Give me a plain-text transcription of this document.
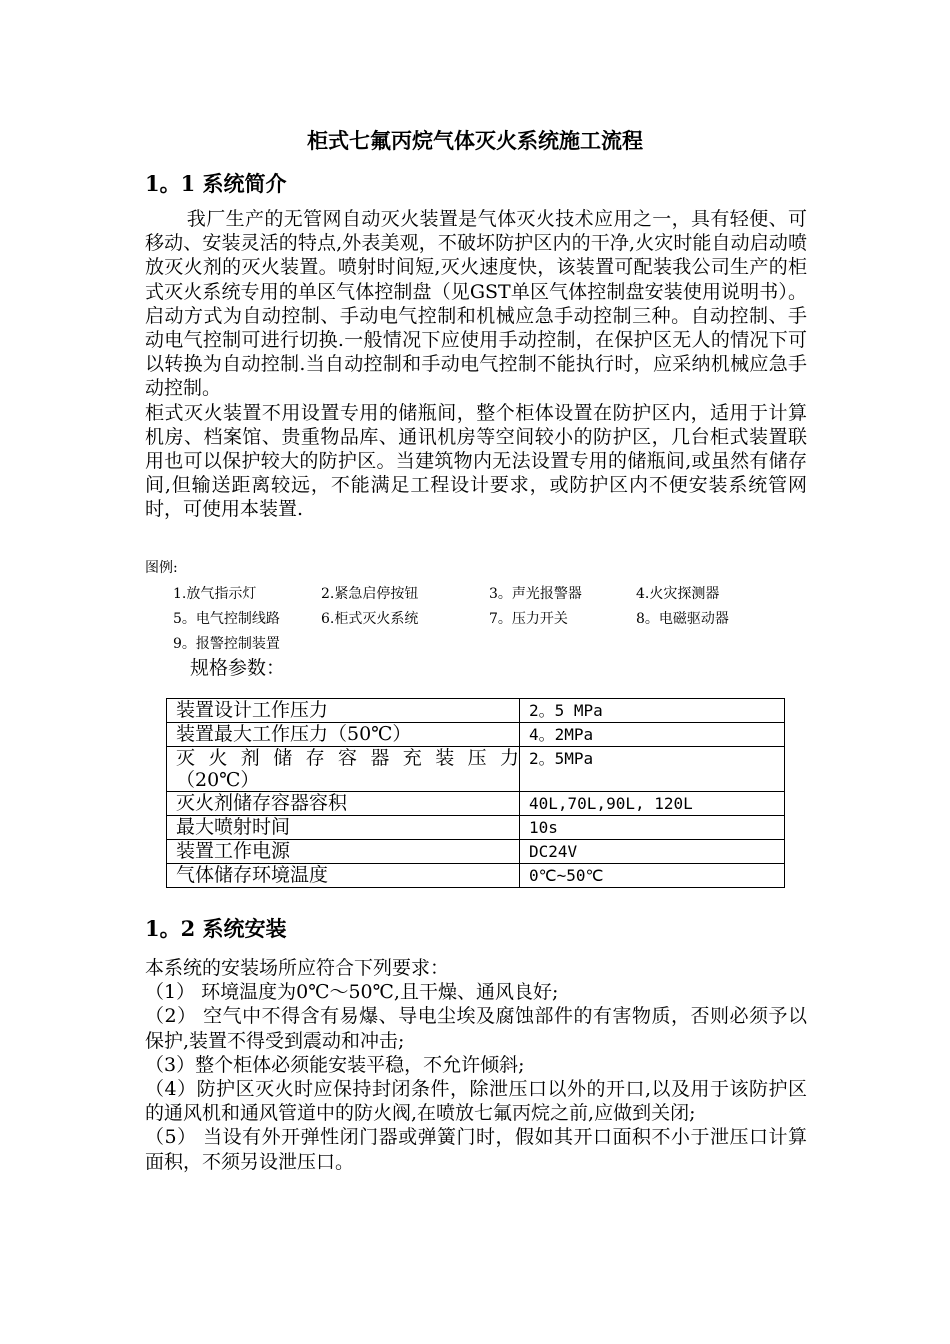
柜式七氟丙烷气体灭火系统施工流程
1。1 系统简介

我厂生产的无管网自动灭火装置是气体灭火技术应用之一，具有轻便、可移动、安装灵活的特点,外表美观，不破坏防护区内的干净,火灾时能自动启动喷放灭火剂的灭火装置。喷射时间短,灭火速度快，该装置可配装我公司生产的柜式灭火系统专用的单区气体控制盘（见GST单区气体控制盘安装使用说明书）。启动方式为自动控制、手动电气控制和机械应急手动控制三种。自动控制、手动电气控制可进行切换.一般情况下应使用手动控制，在保护区无人的情况下可以转换为自动控制.当自动控制和手动电气控制不能执行时，应采纳机械应急手动控制。

柜式灭火装置不用设置专用的储瓶间，整个柜体设置在防护区内，适用于计算机房、档案馆、贵重物品库、通讯机房等空间较小的防护区，几台柜式装置联用也可以保护较大的防护区。当建筑物内无法设置专用的储瓶间,或虽然有储存间,但输送距离较远，不能满足工程设计要求，或防护区内不便安装系统管网时，可使用本装置.

图例:
1.放气指示灯	2.紧急启停按钮	3。声光报警器	4.火灾探测器
5。电气控制线路	6.柜式灭火系统	7。压力开关	8。电磁驱动器
9。报警控制装置
规格参数：
装置设计工作压力	2。5 MPa
装置最大工作压力（50℃）	4。2MPa

灭火剂储存容器充装压力
（20℃）	2。5MPa
灭火剂储存容器容积	40L,70L,90L, 120L
最大喷射时间	10s
装置工作电源	DC24V
气体储存环境温度	0℃~50℃
1。2 系统安装

本系统的安装场所应符合下列要求：

（1） 环境温度为0℃～50℃,且干燥、通风良好;

（2） 空气中不得含有易爆、导电尘埃及腐蚀部件的有害物质，否则必须予以保护,装置不得受到震动和冲击;

（3）整个柜体必须能安装平稳，不允许倾斜;

（4）防护区灭火时应保持封闭条件，除泄压口以外的开口,以及用于该防护区的通风机和通风管道中的防火阀,在喷放七氟丙烷之前,应做到关闭;

（5） 当设有外开弹性闭门器或弹簧门时，假如其开口面积不小于泄压口计算面积，不须另设泄压口。
